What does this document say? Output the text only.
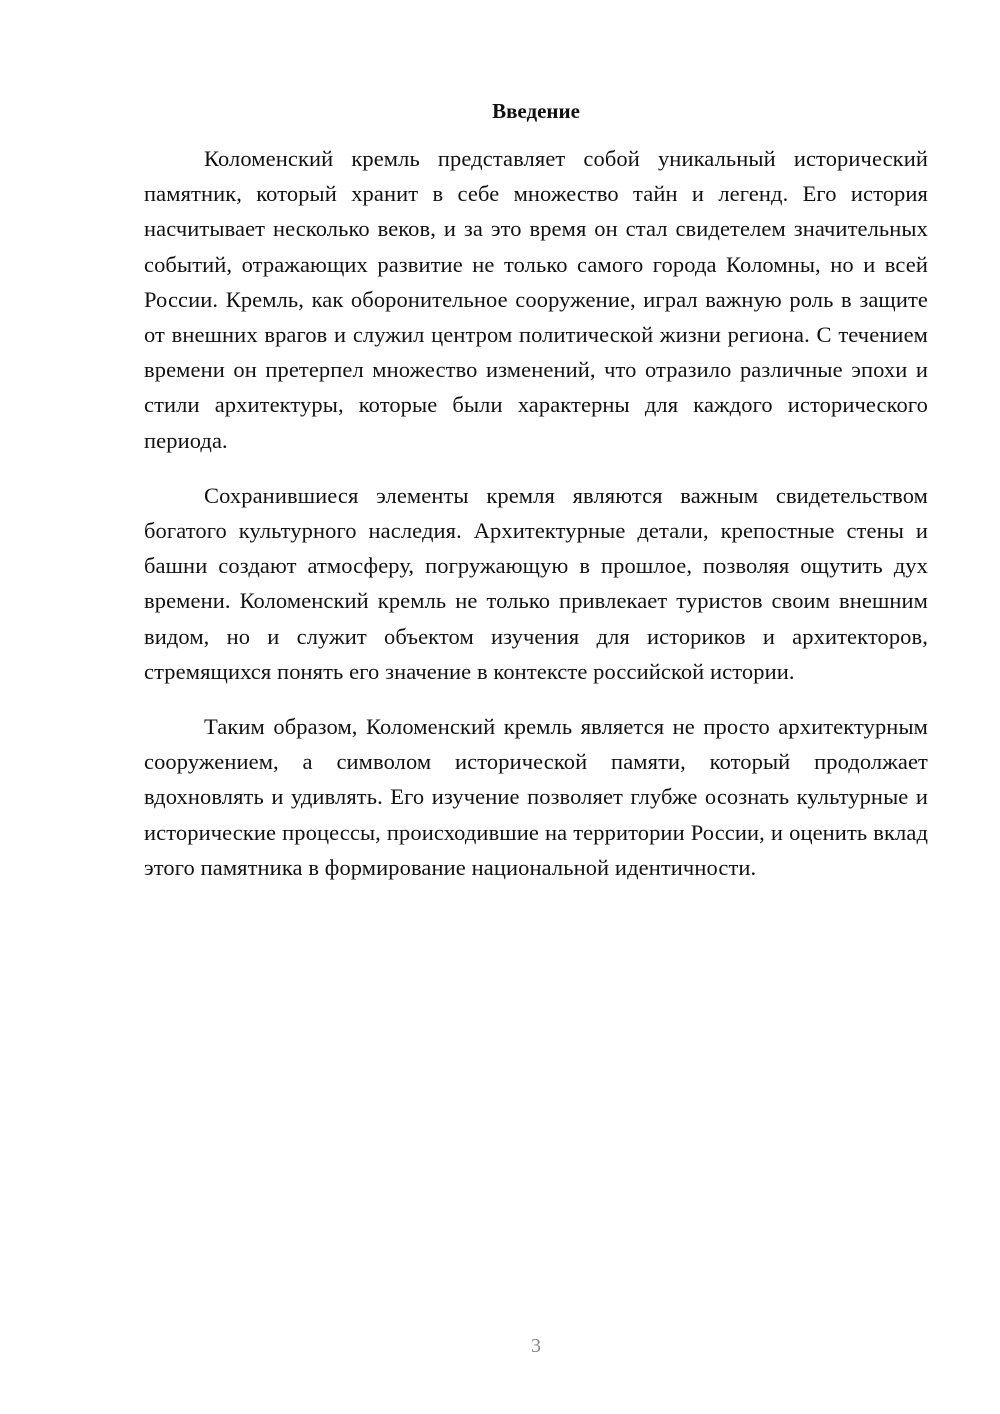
Введение

Коломенский кремль представляет собой уникальный исторический памятник, который хранит в себе множество тайн и легенд. Его история насчитывает несколько веков, и за это время он стал свидетелем значительных событий, отражающих развитие не только самого города Коломны, но и всей России. Кремль, как оборонительное сооружение, играл важную роль в защите от внешних врагов и служил центром политической жизни региона. С течением времени он претерпел множество изменений, что отразило различные эпохи и стили архитектуры, которые были характерны для каждого исторического периода.

Сохранившиеся элементы кремля являются важным свидетельством богатого культурного наследия. Архитектурные детали, крепостные стены и башни создают атмосферу, погружающую в прошлое, позволяя ощутить дух времени. Коломенский кремль не только привлекает туристов своим внешним видом, но и служит объектом изучения для историков и архитекторов, стремящихся понять его значение в контексте российской истории.

Таким образом, Коломенский кремль является не просто архитектурным сооружением, а символом исторической памяти, который продолжает вдохновлять и удивлять. Его изучение позволяет глубже осознать культурные и исторические процессы, происходившие на территории России, и оценить вклад этого памятника в формирование национальной идентичности.

3
